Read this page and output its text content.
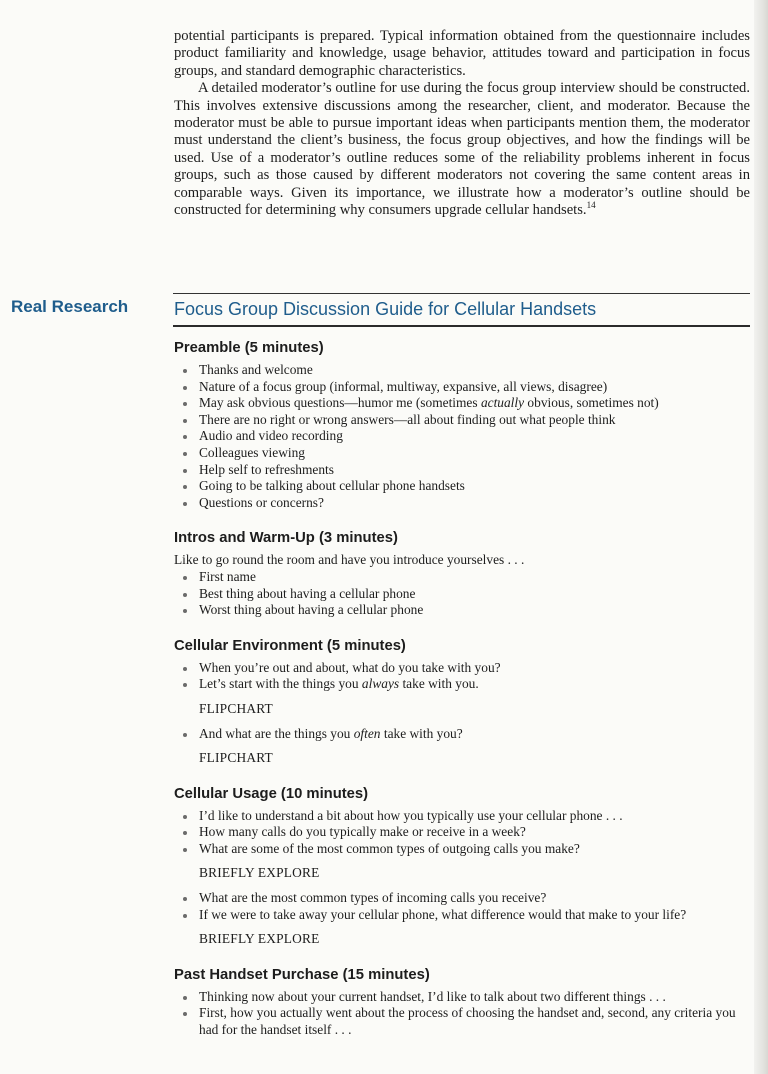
potential participants is prepared. Typical information obtained from the questionnaire includes product familiarity and knowledge, usage behavior, attitudes toward and participation in focus groups, and standard demographic characteristics.

A detailed moderator’s outline for use during the focus group interview should be constructed. This involves extensive discussions among the researcher, client, and moderator. Because the moderator must be able to pursue important ideas when participants mention them, the moderator must understand the client’s business, the focus group objectives, and how the findings will be used. Use of a moderator’s outline reduces some of the reliability problems inherent in focus groups, such as those caused by different moderators not covering the same content areas in comparable ways. Given its importance, we illustrate how a moderator’s outline should be constructed for determining why consumers upgrade cellular handsets.$^{14}$

Real Research	Focus Group Discussion Guide for Cellular Handsets
Preamble (5 minutes)
Thanks and welcome
Nature of a focus group (informal, multiway, expansive, all views, disagree)
May ask obvious questions—humor me (sometimes actually obvious, sometimes not)
There are no right or wrong answers—all about finding out what people think
Audio and video recording
Colleagues viewing
Help self to refreshments
Going to be talking about cellular phone handsets
Questions or concerns?
Intros and Warm-Up (3 minutes)

Like to go round the room and have you introduce yourselves . . .

First name
Best thing about having a cellular phone
Worst thing about having a cellular phone
Cellular Environment (5 minutes)
When you’re out and about, what do you take with you?
Let’s start with the things you always take with you.
FLIPCHART
And what are the things you often take with you?
FLIPCHART
Cellular Usage (10 minutes)
I’d like to understand a bit about how you typically use your cellular phone . . .
How many calls do you typically make or receive in a week?
What are some of the most common types of outgoing calls you make?
BRIEFLY EXPLORE
What are the most common types of incoming calls you receive?
If we were to take away your cellular phone, what difference would that make to your life?
BRIEFLY EXPLORE
Past Handset Purchase (15 minutes)
Thinking now about your current handset, I’d like to talk about two different things . . .
First, how you actually went about the process of choosing the handset and, second, any criteria you had for the handset itself . . .
